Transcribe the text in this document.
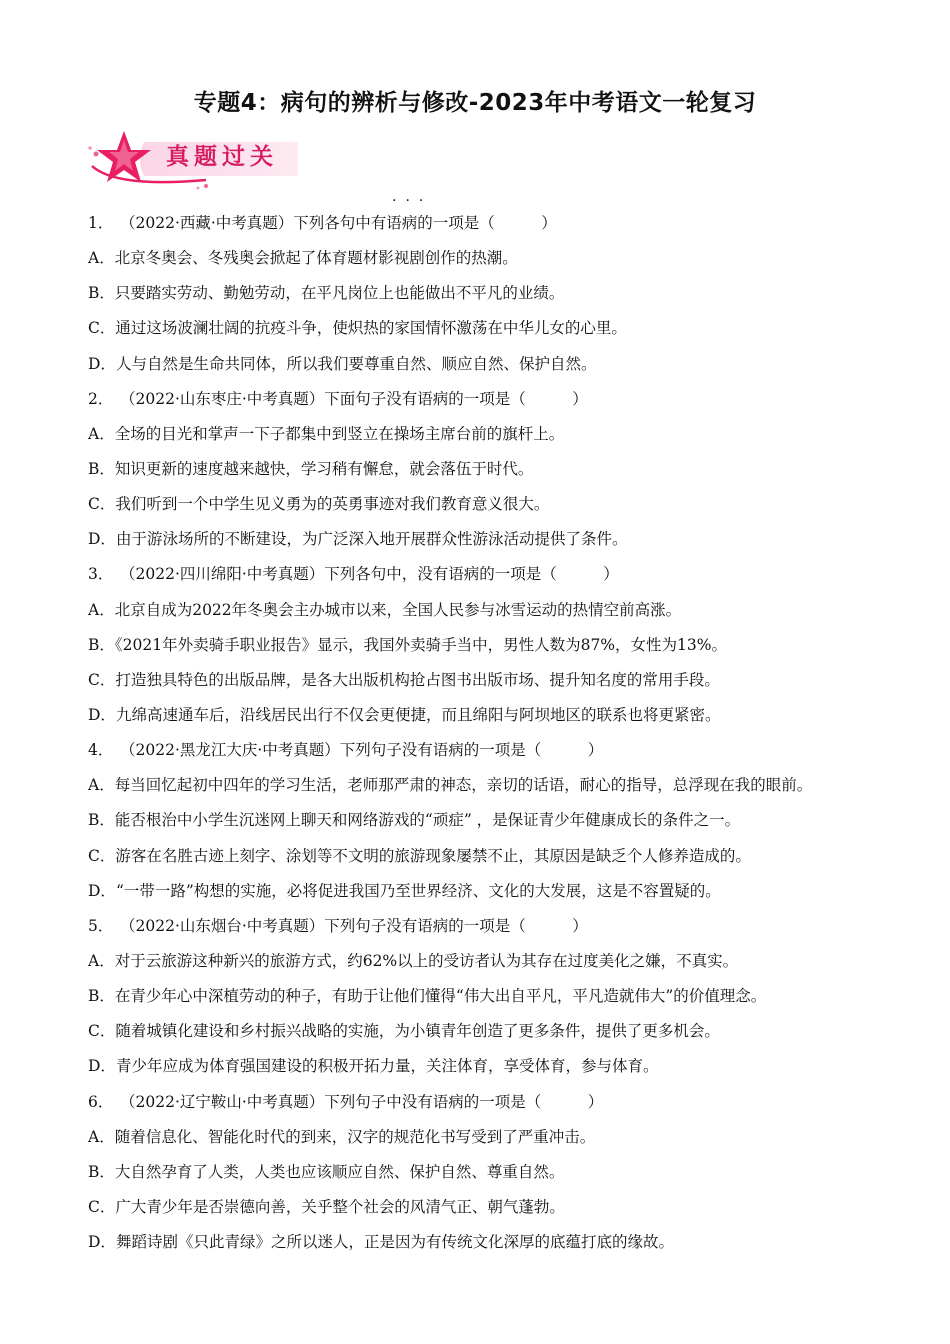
专题4：病句的辨析与修改-2023年中考语文一轮复习
真题过关
···
1． （2022·西藏·中考真题）下列各句中有语病的一项是（　　　）
A．北京冬奥会、冬残奥会掀起了体育题材影视剧创作的热潮。
B．只要踏实劳动、勤勉劳动，在平凡岗位上也能做出不平凡的业绩。
C．通过这场波澜壮阔的抗疫斗争，使炽热的家国情怀激荡在中华儿女的心里。
D．人与自然是生命共同体，所以我们要尊重自然、顺应自然、保护自然。
2． （2022·山东枣庄·中考真题）下面句子没有语病的一项是（　　　）
A．全场的目光和掌声一下子都集中到竖立在操场主席台前的旗杆上。
B．知识更新的速度越来越快，学习稍有懈怠，就会落伍于时代。
C．我们听到一个中学生见义勇为的英勇事迹对我们教育意义很大。
D．由于游泳场所的不断建设，为广泛深入地开展群众性游泳活动提供了条件。
3． （2022·四川绵阳·中考真题）下列各句中，没有语病的一项是（　　　）
A．北京自成为2022年冬奥会主办城市以来，全国人民参与冰雪运动的热情空前高涨。
B．《2021年外卖骑手职业报告》显示，我国外卖骑手当中，男性人数为87%，女性为13%。
C．打造独具特色的出版品牌，是各大出版机构抢占图书出版市场、提升知名度的常用手段。
D．九绵高速通车后，沿线居民出行不仅会更便捷，而且绵阳与阿坝地区的联系也将更紧密。
4． （2022·黑龙江大庆·中考真题）下列句子没有语病的一项是（　　　）
A．每当回忆起初中四年的学习生活，老师那严肃的神态，亲切的话语，耐心的指导，总浮现在我的眼前。
B．能否根治中小学生沉迷网上聊天和网络游戏的“顽症” ，是保证青少年健康成长的条件之一。
C．游客在名胜古迹上刻字、涂划等不文明的旅游现象屡禁不止，其原因是缺乏个人修养造成的。
D．“一带一路”构想的实施，必将促进我国乃至世界经济、文化的大发展，这是不容置疑的。
5． （2022·山东烟台·中考真题）下列句子没有语病的一项是（　　　）
A．对于云旅游这种新兴的旅游方式，约62%以上的受访者认为其存在过度美化之嫌，不真实。
B．在青少年心中深植劳动的种子，有助于让他们懂得“伟大出自平凡，平凡造就伟大”的价值理念。
C．随着城镇化建设和乡村振兴战略的实施，为小镇青年创造了更多条件，提供了更多机会。
D．青少年应成为体育强国建设的积极开拓力量，关注体育，享受体育，参与体育。
6． （2022·辽宁鞍山·中考真题）下列句子中没有语病的一项是（　　　）
A．随着信息化、智能化时代的到来，汉字的规范化书写受到了严重冲击。
B．大自然孕育了人类，人类也应该顺应自然、保护自然、尊重自然。
C．广大青少年是否崇德向善，关乎整个社会的风清气正、朝气蓬勃。
D．舞蹈诗剧《只此青绿》之所以迷人，正是因为有传统文化深厚的底蕴打底的缘故。
